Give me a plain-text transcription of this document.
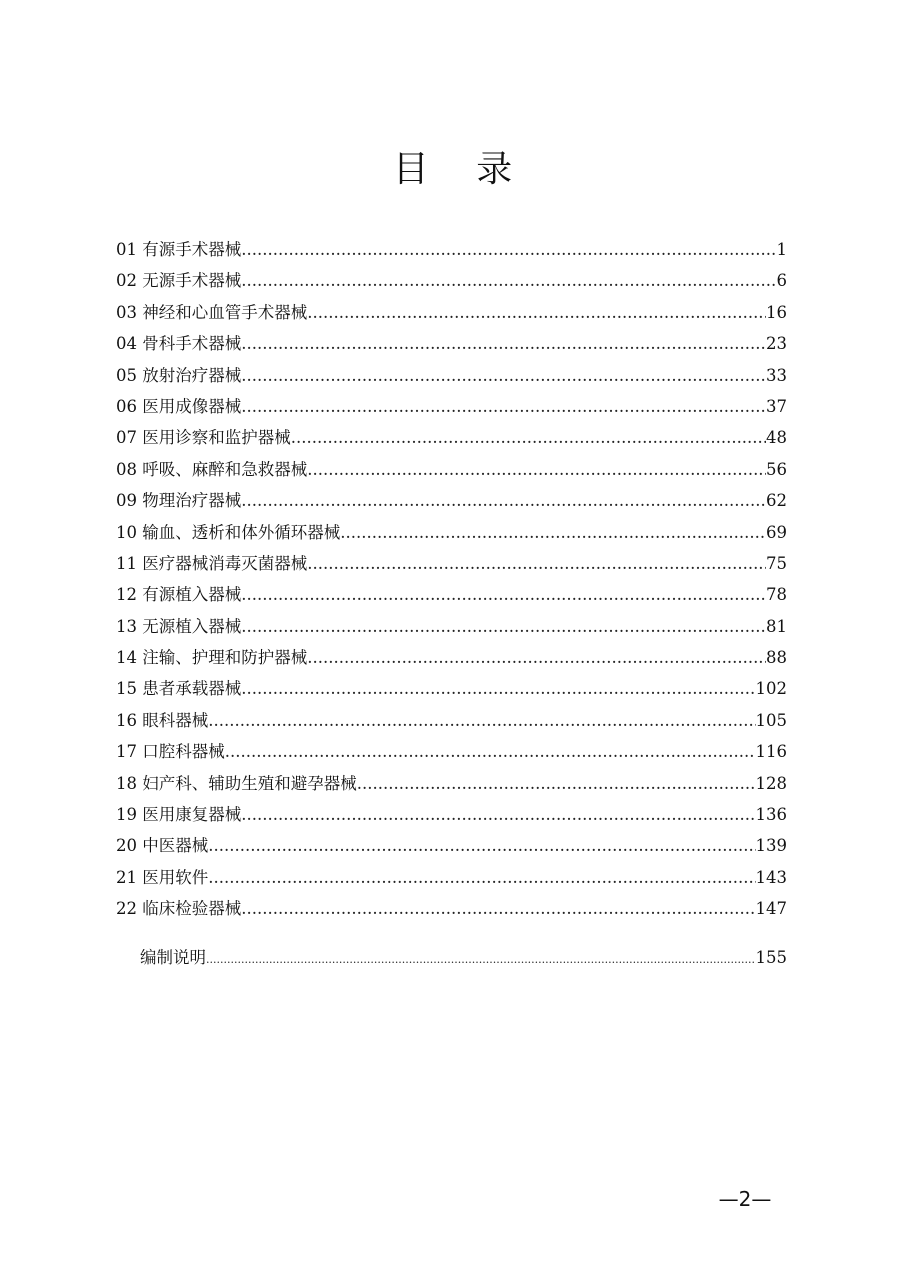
目 录
01 有源手术器械 .....	1
02 无源手术器械 .....	6
03 神经和心血管手术器械 .....	16
04 骨科手术器械 .....	23
05 放射治疗器械 .....	33
06 医用成像器械 .....	37
07 医用诊察和监护器械 .....	48
08 呼吸、麻醉和急救器械 .....	56
09 物理治疗器械 .....	62
10 输血、透析和体外循环器械 .....	69
11 医疗器械消毒灭菌器械 .....	75
12 有源植入器械 .....	78
13 无源植入器械 .....	81
14 注输、护理和防护器械 .....	88
15 患者承载器械 .....	102
16 眼科器械 .....	105
17 口腔科器械 .....	116
18 妇产科、辅助生殖和避孕器械 .....	128
19 医用康复器械 .....	136
20 中医器械 .....	139
21 医用软件 .....	143
22 临床检验器械 .....	147
编制说明 .....	155
—2—
